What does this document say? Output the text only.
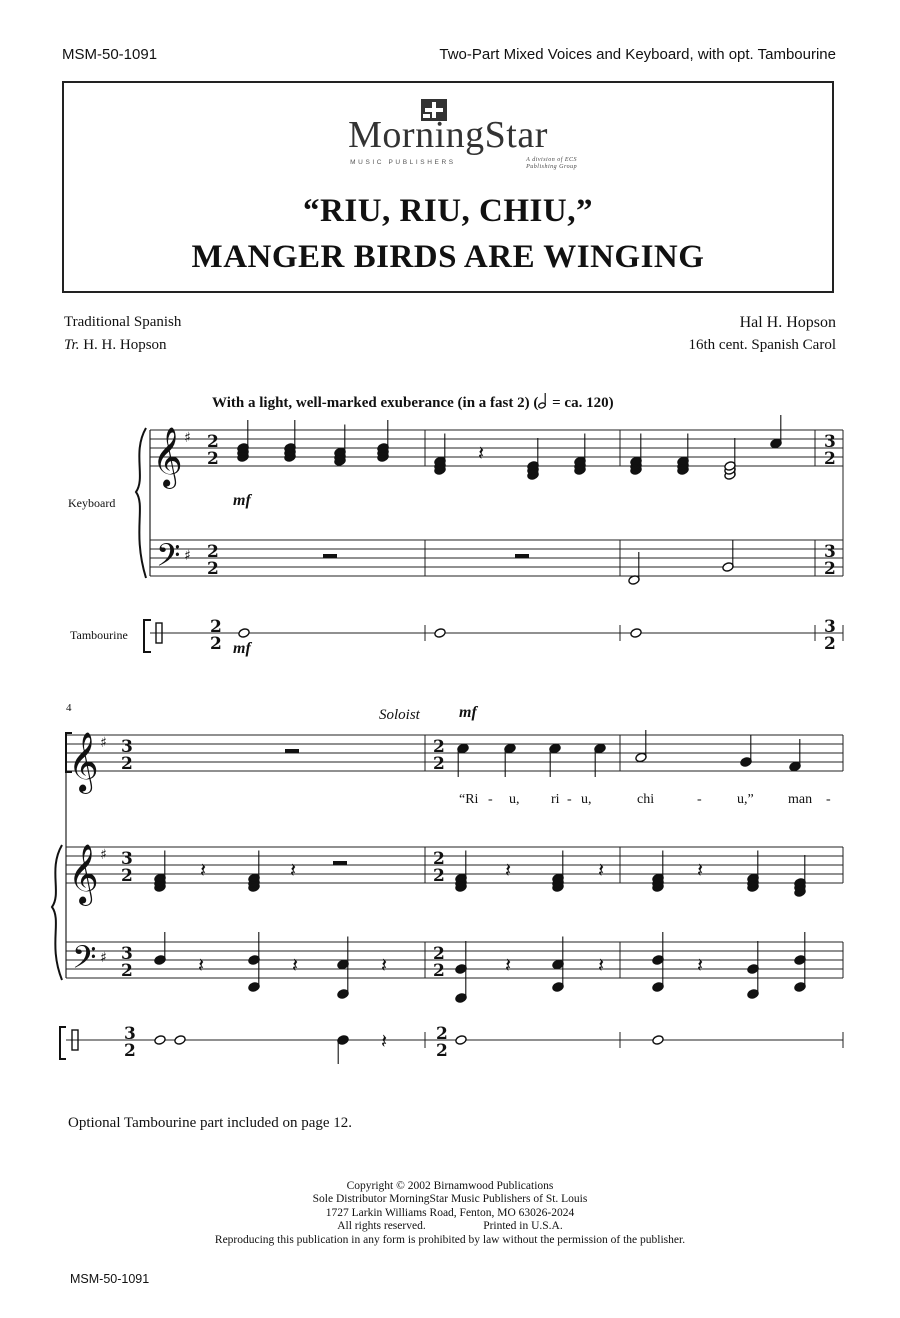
MSM-50-1091	Two-Part Mixed Voices and Keyboard, with opt. Tambourine
MorningStar
MUSIC PUBLISHERS	A division of ECS Publishing Group
“RIU, RIU, CHIU,”
MANGER BIRDS ARE WINGING
Traditional Spanish
Tr. H. H. Hopson
Hal H. Hopson
16th cent. Spanish Carol
With a light, well-marked exuberance (in a fast 2) ( = ca. 120)
Keyboard
Tambourine
mf
mf
4	Soloist mf
“Ri - u, ri - u,	chi	-	u,” man -
𝄞
𝄢
♯
♯
2
2
2
2
2
2
3
2
3
2
3
2
𝄽
𝄞 ♯
𝄞 ♯
𝄢 ♯
3
2
3
2
3
2
3
2
2
2
2
2
2
2
2
2
𝄽	𝄽	𝄽	𝄽	𝄽
𝄽	𝄽	𝄽	𝄽	𝄽	𝄽
𝄽
Optional Tambourine part included on page 12.
Copyright © 2002 Birnamwood Publications
Sole Distributor MorningStar Music Publishers of St. Louis
1727 Larkin Williams Road, Fenton, MO 63026-2024
All rights reserved.                    Printed in U.S.A.
Reproducing this publication in any form is prohibited by law without the permission of the publisher.
MSM-50-1091
